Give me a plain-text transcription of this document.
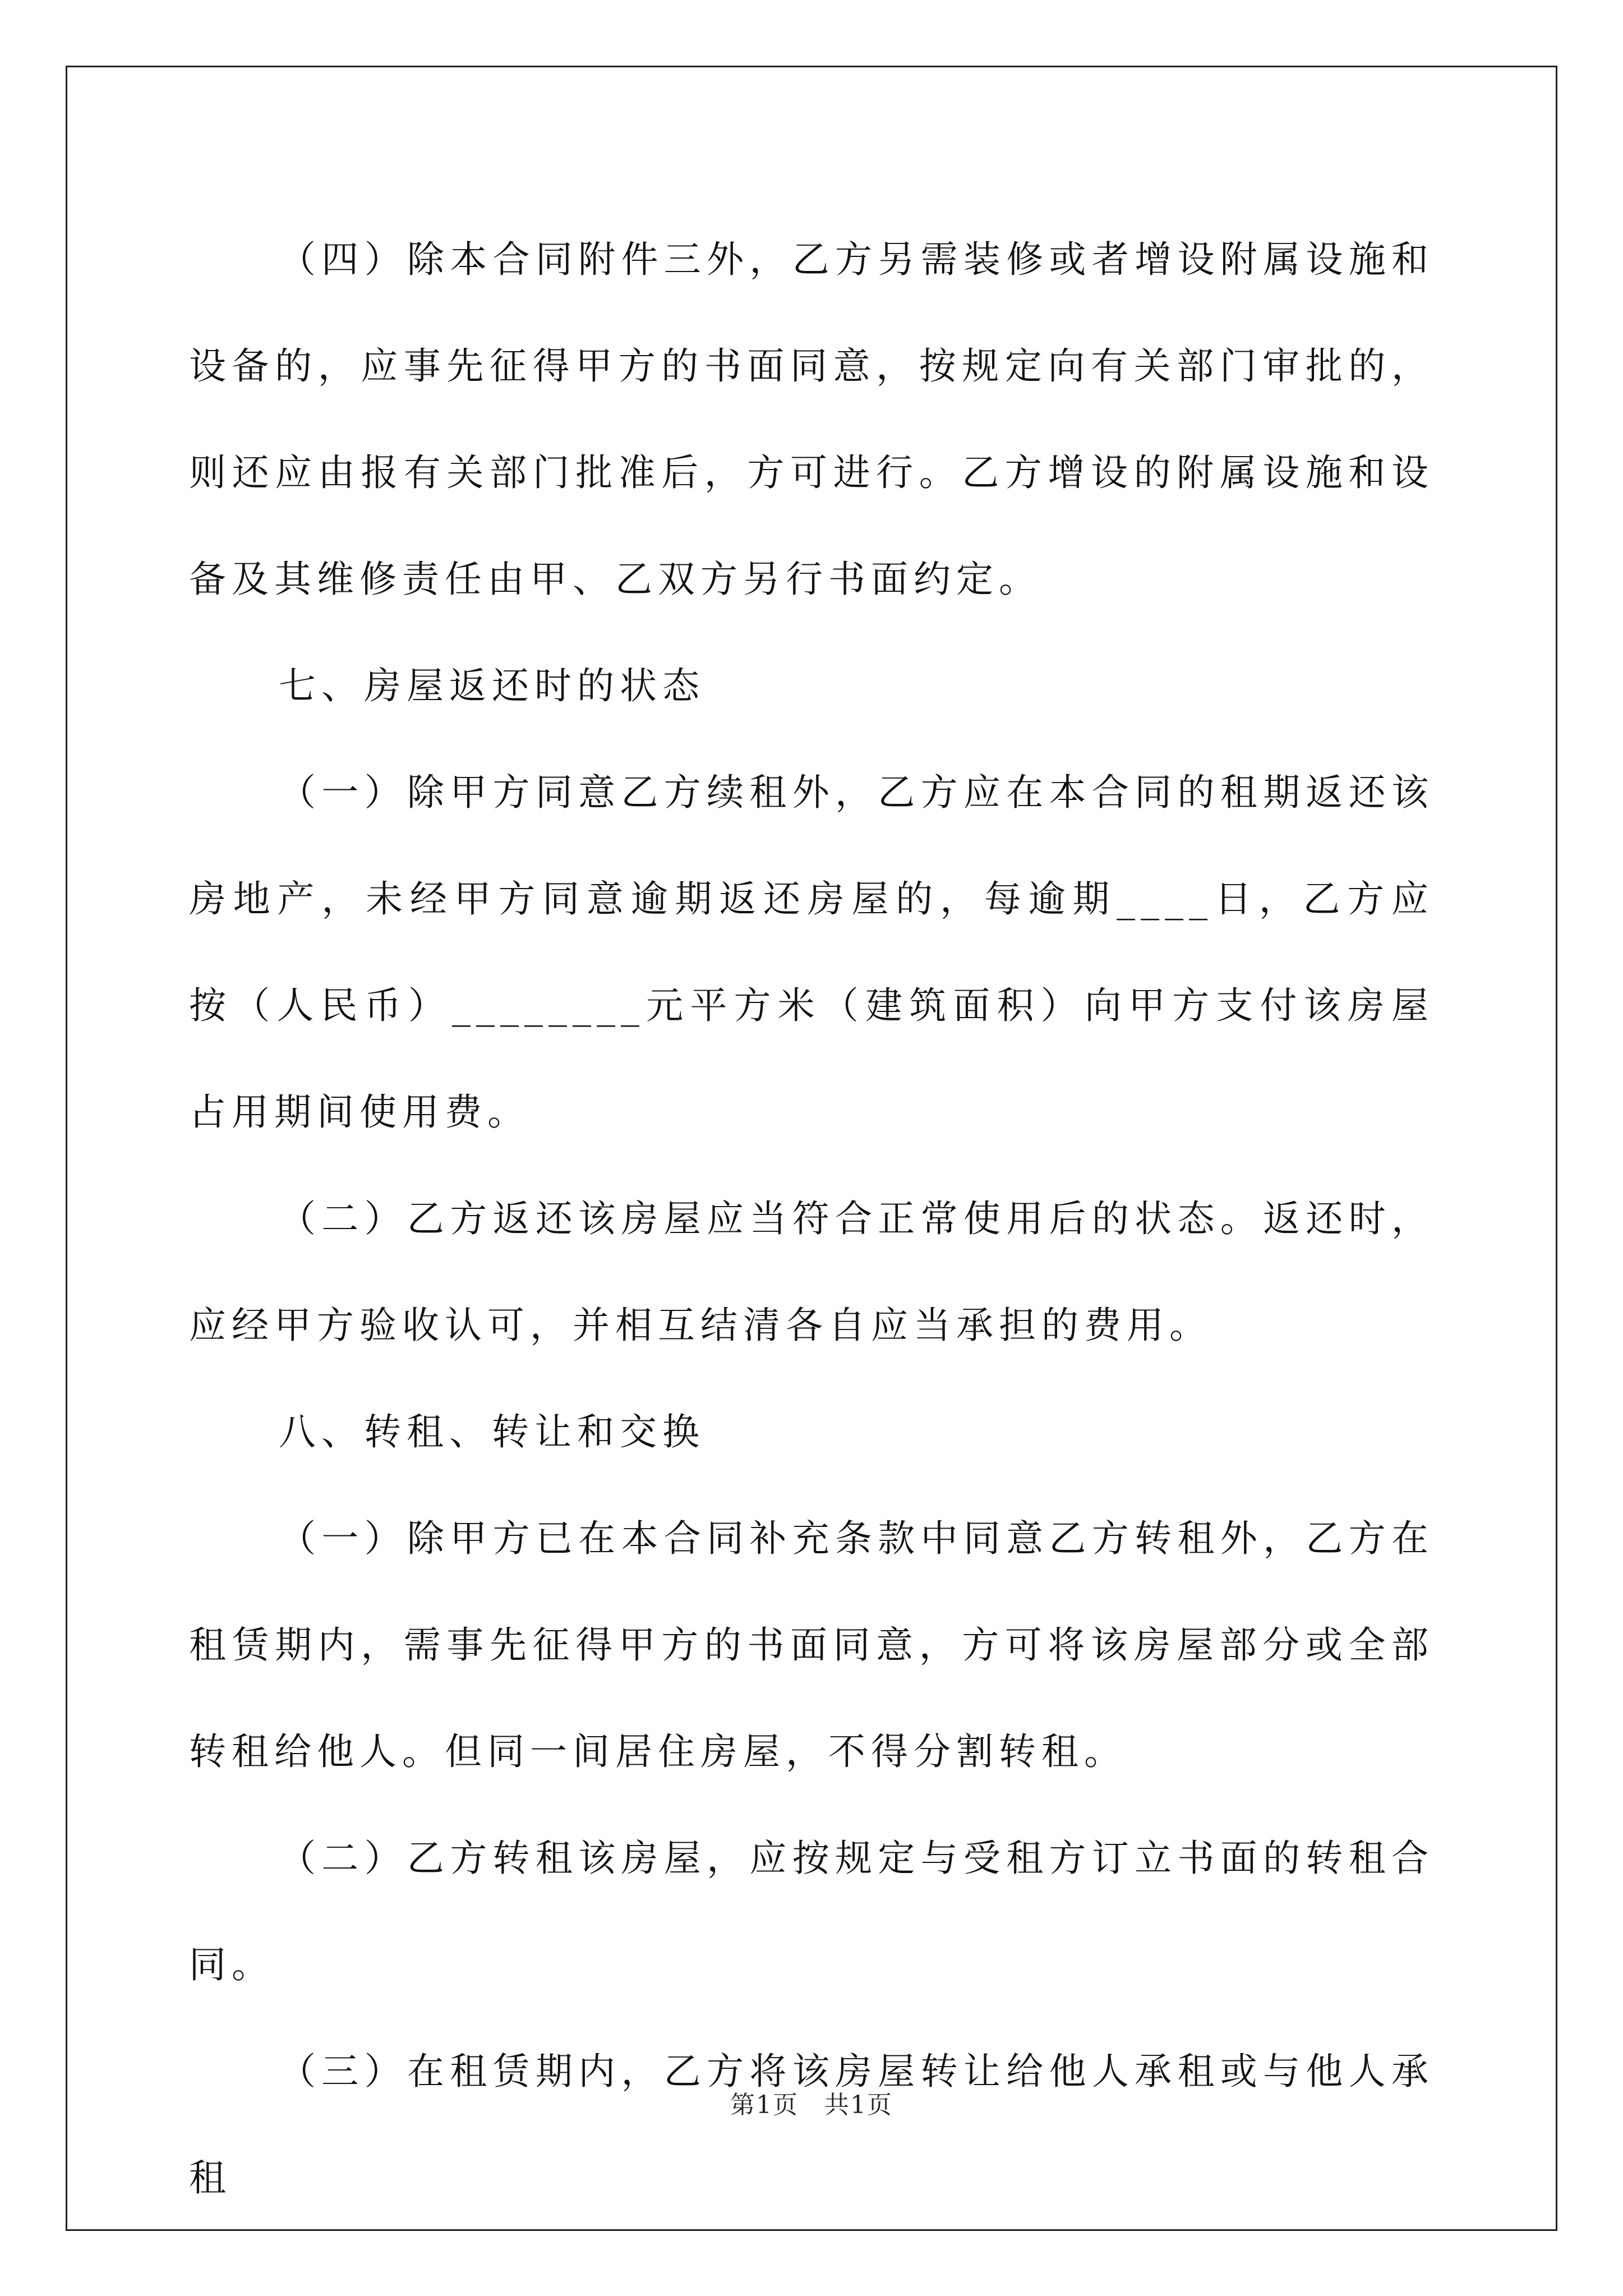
（四）除本合同附件三外，乙方另需装修或者增设附属设施和设备的，应事先征得甲方的书面同意，按规定向有关部门审批的，则还应由报有关部门批准后，方可进行。乙方增设的附属设施和设备及其维修责任由甲、乙双方另行书面约定。

七、房屋返还时的状态

（一）除甲方同意乙方续租外，乙方应在本合同的租期返还该房地产，未经甲方同意逾期返还房屋的，每逾期____日，乙方应按（人民币）________元平方米（建筑面积）向甲方支付该房屋占用期间使用费。

（二）乙方返还该房屋应当符合正常使用后的状态。返还时，应经甲方验收认可，并相互结清各自应当承担的费用。

八、转租、转让和交换

（一）除甲方已在本合同补充条款中同意乙方转租外，乙方在租赁期内，需事先征得甲方的书面同意，方可将该房屋部分或全部转租给他人。但同一间居住房屋，不得分割转租。

（二）乙方转租该房屋，应按规定与受租方订立书面的转租合同。

（三）在租赁期内，乙方将该房屋转让给他人承租或与他人承租

第1页　共1页
